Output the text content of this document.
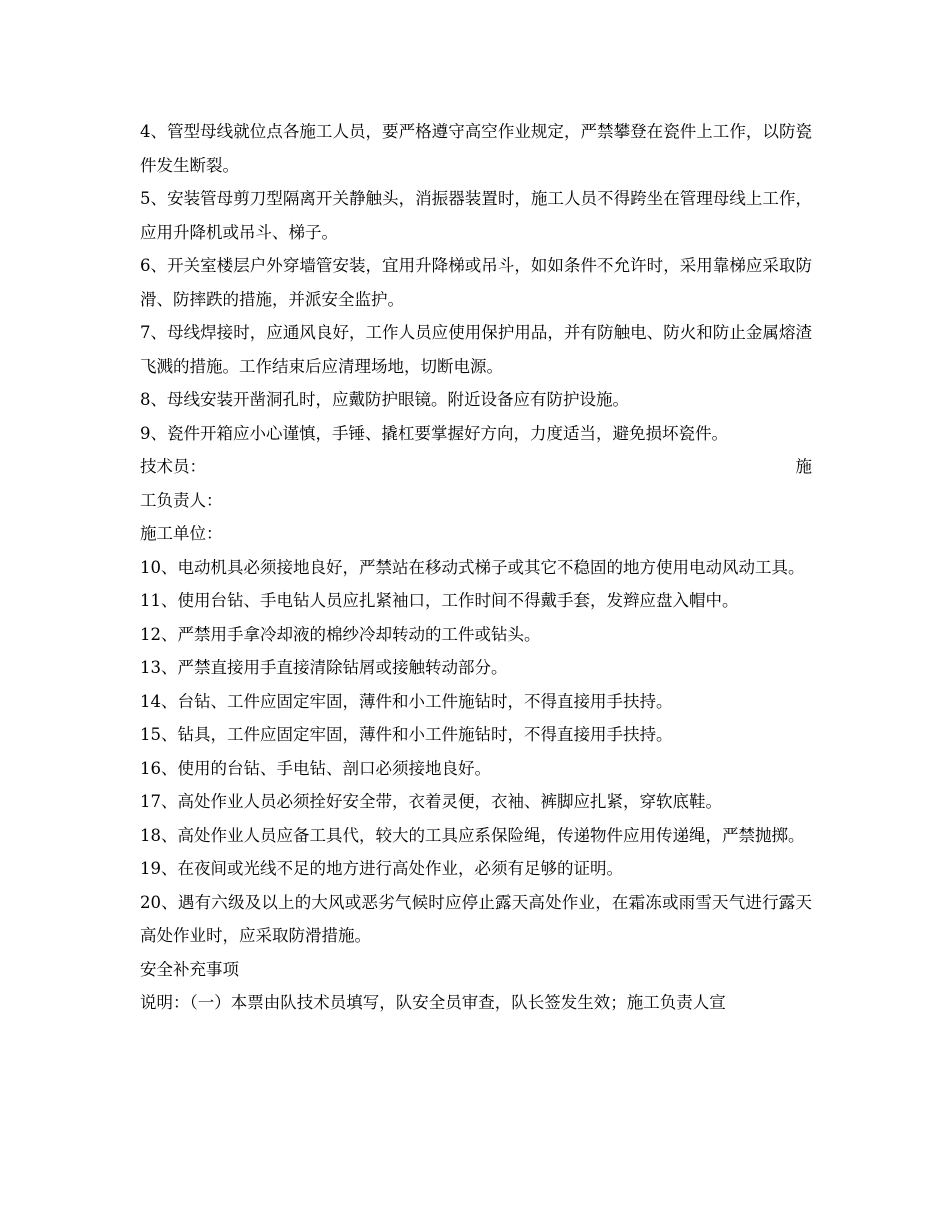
4、管型母线就位点各施工人员，要严格遵守高空作业规定，严禁攀登在瓷件上工作，以防瓷件发生断裂。

5、安装管母剪刀型隔离开关静触头，消振器装置时，施工人员不得跨坐在管理母线上工作，应用升降机或吊斗、梯子。

6、开关室楼层户外穿墙管安装，宜用升降梯或吊斗，如如条件不允许时，采用靠梯应采取防滑、防摔跌的措施，并派安全监护。

7、母线焊接时，应通风良好，工作人员应使用保护用品，并有防触电、防火和防止金属熔渣飞溅的措施。工作结束后应清理场地，切断电源。

8、母线安装开凿洞孔时，应戴防护眼镜。附近设备应有防护设施。

9、瓷件开箱应小心谨慎，手锤、撬杠要掌握好方向，力度适当，避免损坏瓷件。

技术员：	施

工负责人：

施工单位：

10、电动机具必须接地良好，严禁站在移动式梯子或其它不稳固的地方使用电动风动工具。

11、使用台钻、手电钻人员应扎紧袖口，工作时间不得戴手套，发辫应盘入帽中。

12、严禁用手拿冷却液的棉纱冷却转动的工件或钻头。

13、严禁直接用手直接清除钻屑或接触转动部分。

14、台钻、工件应固定牢固，薄件和小工件施钻时，不得直接用手扶持。

15、钻具，工件应固定牢固，薄件和小工件施钻时，不得直接用手扶持。

16、使用的台钻、手电钻、剖口必须接地良好。

17、高处作业人员必须拴好安全带，衣着灵便，衣袖、裤脚应扎紧，穿软底鞋。

18、高处作业人员应备工具代，较大的工具应系保险绳，传递物件应用传递绳，严禁抛掷。

19、在夜间或光线不足的地方进行高处作业，必须有足够的证明。

20、遇有六级及以上的大风或恶劣气候时应停止露天高处作业，在霜冻或雨雪天气进行露天高处作业时，应采取防滑措施。

安全补充事项

说明：（一）本票由队技术员填写，队安全员审查，队长签发生效；施工负责人宣
